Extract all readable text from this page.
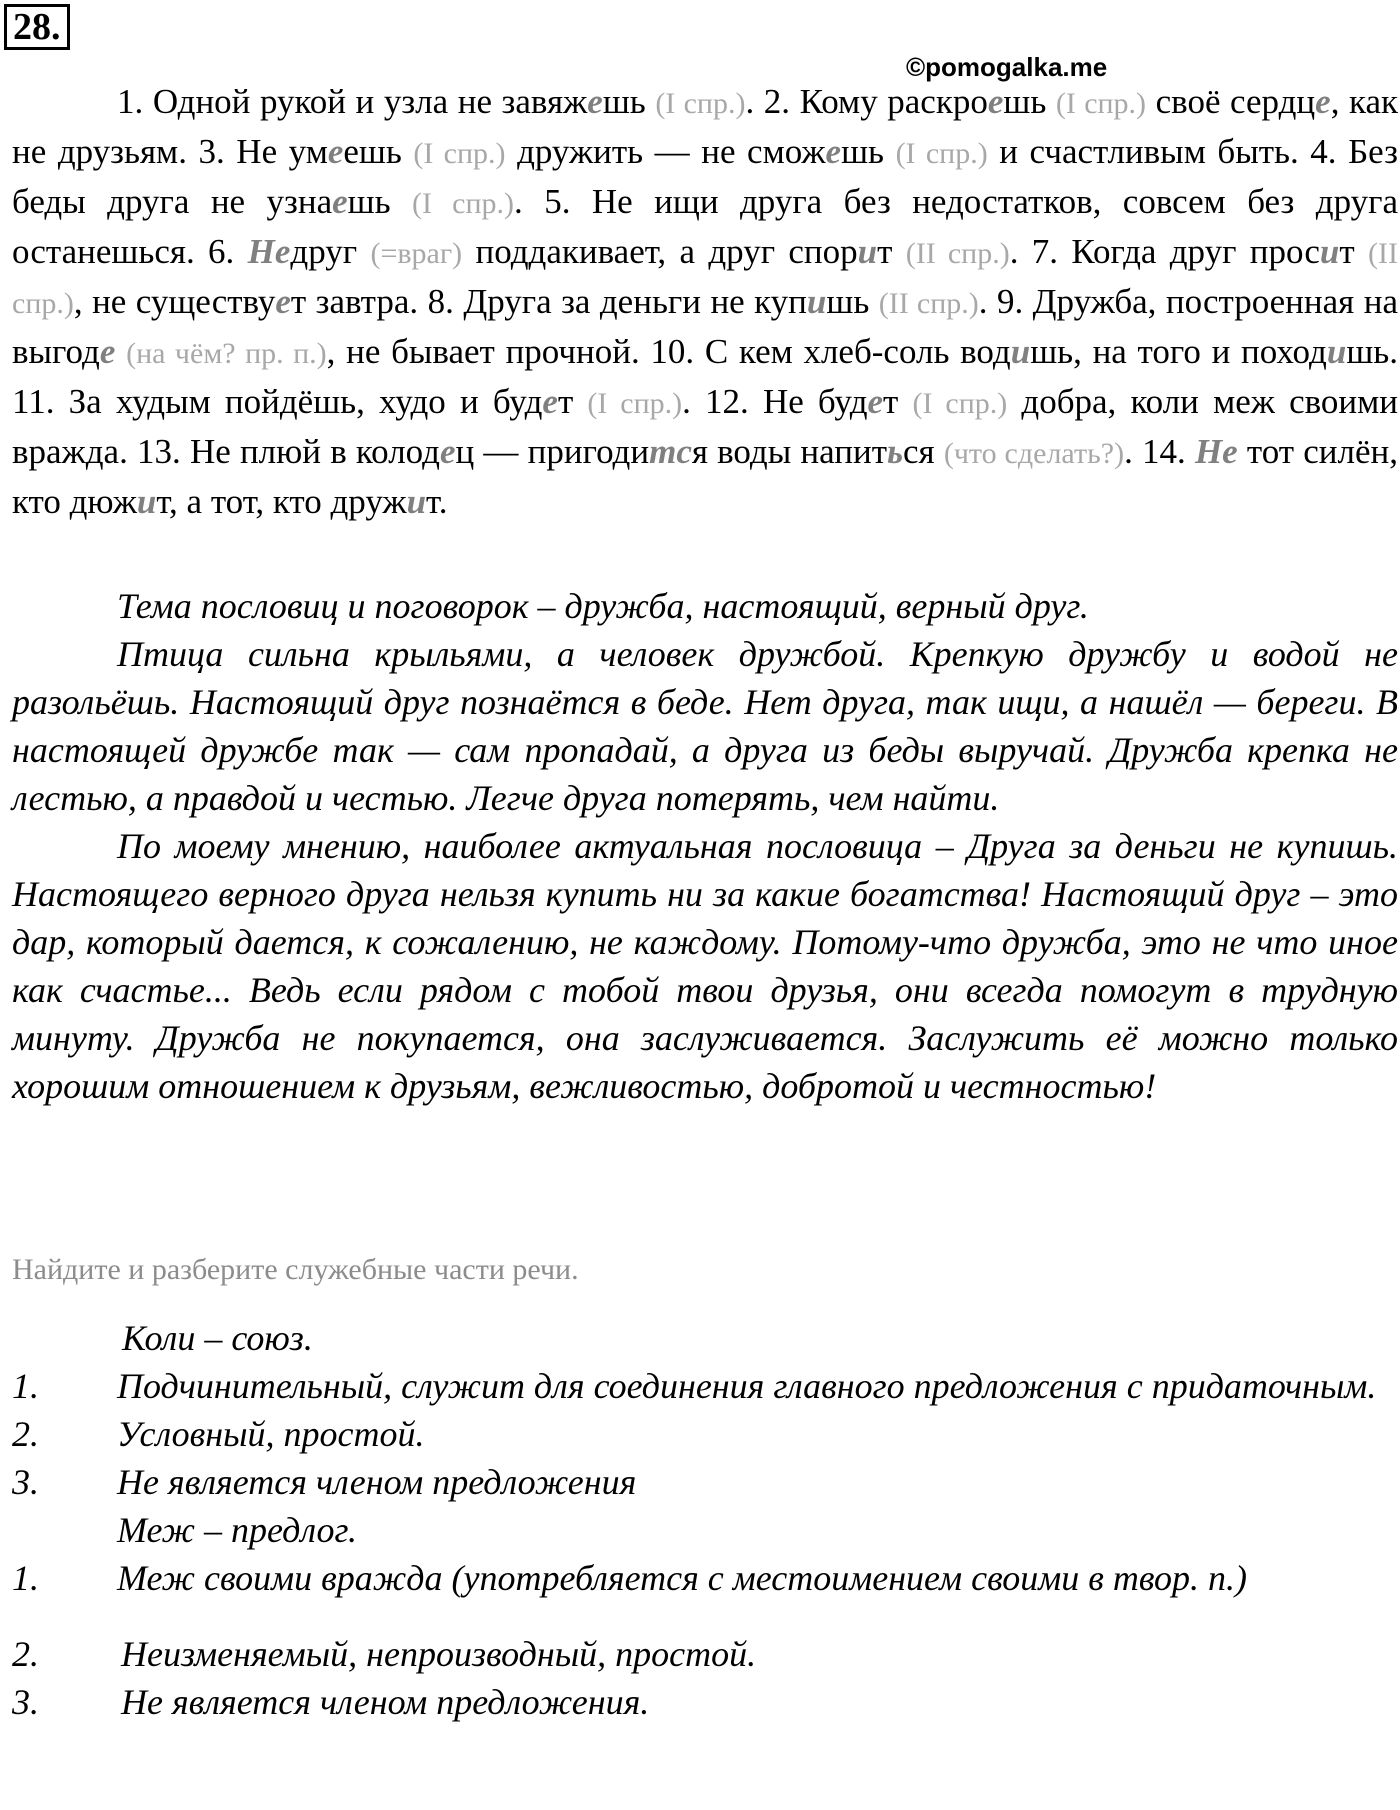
28.
©pomogalka.me

1. Одной рукой и узла не завяжешь (I спр.). 2. Кому раскроешь (I спр.) своё сердце, как не друзьям. 3. Не умеешь (I спр.) дружить — не сможешь (I спр.) и счастливым быть. 4. Без беды друга не узнаешь (I спр.). 5. Не ищи друга без недостатков, совсем без друга останешься. 6. Недруг (=враг) поддакивает, а друг спорит (II спр.). 7. Когда друг просит (II спр.), не существует завтра. 8. Друга за деньги не купишь (II спр.). 9. Дружба, построенная на выгоде (на чём? пр. п.), не бывает прочной. 10. С кем хлеб-соль водишь, на того и походишь. 11. За худым пойдёшь, худо и будет (I спр.). 12. Не будет (I спр.) добра, коли меж своими вражда. 13. Не плюй в колодец — пригодится воды напиться (что сделать?). 14. Не тот силён, кто дюжит, а тот, кто дружит.

Тема пословиц и поговорок – дружба, настоящий, верный друг.

Птица сильна крыльями, а человек дружбой. Крепкую дружбу и водой не разольёшь. Настоящий друг познаётся в беде. Нет друга, так ищи, а нашёл — береги. В настоящей дружбе так — сам пропадай, а друга из беды выручай. Дружба крепка не лестью, а правдой и честью. Легче друга потерять, чем найти.

По моему мнению, наиболее актуальная пословица – Друга за деньги не купишь. Настоящего верного друга нельзя купить ни за какие богатства! Настоящий друг – это дар, который дается, к сожалению, не каждому. Потому-что дружба, это не что иное как счастье... Ведь если рядом с тобой твои друзья, они всегда помогут в трудную минуту. Дружба не покупается, она заслуживается. Заслужить её можно только хорошим отношением к друзьям, вежливостью, добротой и честностью!

Найдите и разберите служебные части речи.
Коли – союз.
1.	Подчинительный, служит для соединения главного предложения с придаточным.
2.	Условный, простой.
3.	Не является членом предложения
Меж – предлог.
1.	Меж своими вражда (употребляется с местоимением своими в твор. п.)
2.	Неизменяемый, непроизводный, простой.
3.	Не является членом предложения.
